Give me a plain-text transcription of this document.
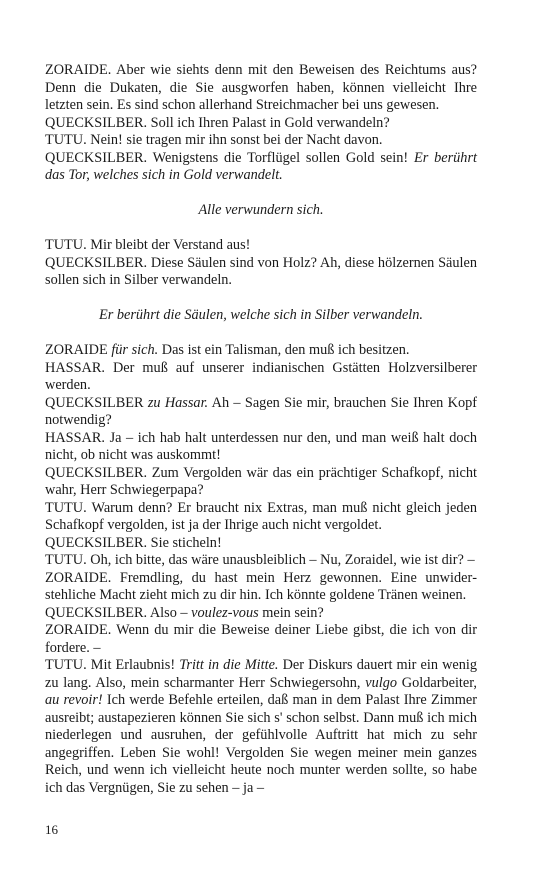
ZORAIDE. Aber wie siehts denn mit den Beweisen des Reichtums aus? Denn die Dukaten, die Sie ausgworfen haben, können vielleicht Ihre letzten sein. Es sind schon allerhand Streichmacher bei uns gewesen.

QUECKSILBER. Soll ich Ihren Palast in Gold verwandeln?

TUTU. Nein! sie tragen mir ihn sonst bei der Nacht davon.

QUECKSILBER. Wenigstens die Torflügel sollen Gold sein! Er berührt das Tor, welches sich in Gold verwandelt.

Alle verwundern sich.

TUTU. Mir bleibt der Verstand aus!

QUECKSILBER. Diese Säulen sind von Holz? Ah, diese hölzernen Säulen sollen sich in Silber verwandeln.

Er berührt die Säulen, welche sich in Silber verwandeln.

ZORAIDE für sich. Das ist ein Talisman, den muß ich besitzen.

HASSAR. Der muß auf unserer indianischen Gstätten Holzversilberer werden.

QUECKSILBER zu Hassar. Ah – Sagen Sie mir, brauchen Sie Ihren Kopf notwendig?

HASSAR. Ja – ich hab halt unterdessen nur den, und man weiß halt doch nicht, ob nicht was auskommt!

QUECKSILBER. Zum Vergolden wär das ein prächtiger Schafkopf, nicht wahr, Herr Schwiegerpapa?

TUTU. Warum denn? Er braucht nix Extras, man muß nicht gleich jeden Schafkopf vergolden, ist ja der Ihrige auch nicht vergoldet.

QUECKSILBER. Sie sticheln!

TUTU. Oh, ich bitte, das wäre unausbleiblich – Nu, Zoraidel, wie ist dir? –

ZORAIDE. Fremdling, du hast mein Herz gewonnen. Eine unwiderstehliche Macht zieht mich zu dir hin. Ich könnte goldene Tränen weinen.

QUECKSILBER. Also – voulez-vous mein sein?

ZORAIDE. Wenn du mir die Beweise deiner Liebe gibst, die ich von dir fordere. –

TUTU. Mit Erlaubnis! Tritt in die Mitte. Der Diskurs dauert mir ein wenig zu lang. Also, mein scharmanter Herr Schwiegersohn, vulgo Goldarbeiter, au revoir! Ich werde Befehle erteilen, daß man in dem Palast Ihre Zimmer ausreibt; austapezieren können Sie sich s' schon selbst. Dann muß ich mich niederlegen und ausruhen, der gefühlvolle Auftritt hat mich zu sehr angegriffen. Leben Sie wohl! Vergolden Sie wegen meiner mein ganzes Reich, und wenn ich vielleicht heute noch munter werden sollte, so habe ich das Vergnügen, Sie zu sehen – ja –

16
